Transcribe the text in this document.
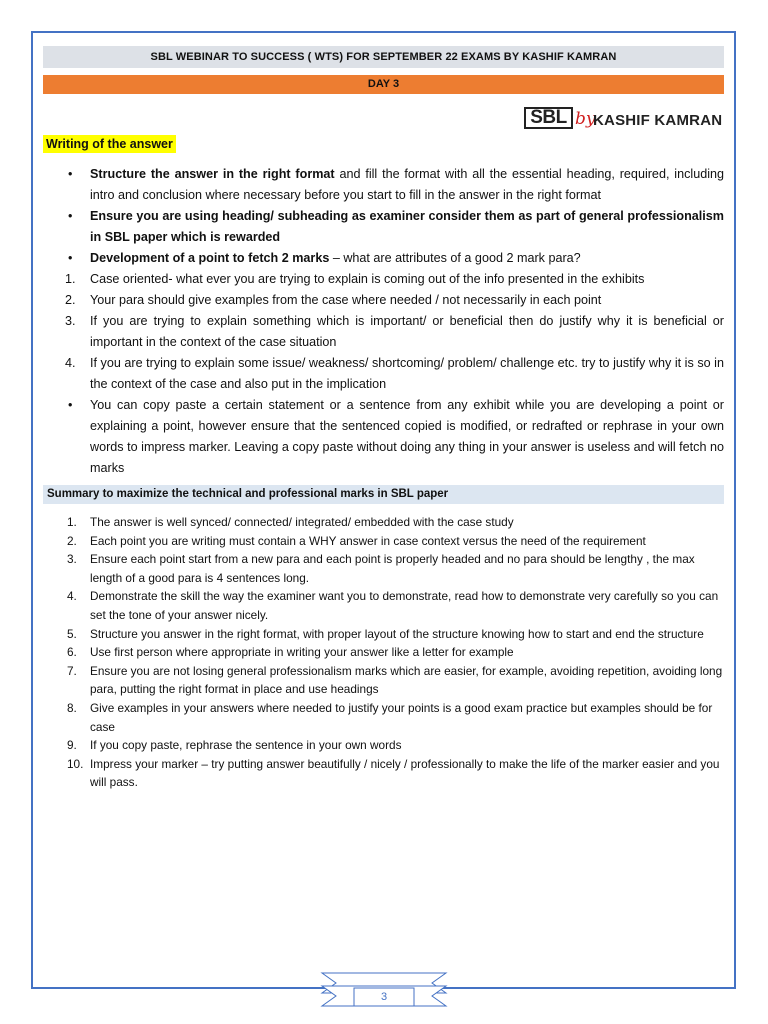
SBL WEBINAR TO SUCCESS ( WTS) FOR SEPTEMBER 22 EXAMS BY KASHIF KAMRAN
DAY 3
SBL by
KASHIF KAMRAN
Writing of the answer
• Structure the answer in the right format and fill the format with all the essential heading, required, including intro and conclusion where necessary before you start to fill in the answer in the right format
• Ensure you are using heading/ subheading as examiner consider them as part of general professionalism in SBL paper which is rewarded
• Development of a point to fetch 2 marks – what are attributes of a good 2 mark para?
1. Case oriented- what ever you are trying to explain is coming out of the info presented in the exhibits
2. Your para should give examples from the case where needed / not necessarily in each point
3. If you are trying to explain something which is important/ or beneficial then do justify why it is beneficial or important in the context of the case situation
4. If you are trying to explain some issue/ weakness/ shortcoming/ problem/ challenge etc. try to justify why it is so in the context of the case and also put in the implication
• You can copy paste a certain statement or a sentence from any exhibit while you are developing a point or explaining a point, however ensure that the sentenced copied is modified, or redrafted or rephrase in your own words to impress marker. Leaving a copy paste without doing any thing in your answer is useless and will fetch no marks
Summary to maximize the technical and professional marks in SBL paper
1. The answer is well synced/ connected/ integrated/ embedded with the case study
2. Each point you are writing must contain a WHY answer in case context versus the need of the requirement
3. Ensure each point start from a new para and each point is properly headed and no para should be lengthy , the max length of a good para is 4 sentences long.
4. Demonstrate the skill the way the examiner want you to demonstrate, read how to demonstrate very carefully so you can set the tone of your answer nicely.
5. Structure you answer in the right format, with proper layout of the structure knowing how to start and end the structure
6. Use first person where appropriate in writing your answer like a letter for example
7. Ensure you are not losing general professionalism marks which are easier, for example, avoiding repetition, avoiding long para, putting the right format in place and use headings
8. Give examples in your answers where needed to justify your points is a good exam practice but examples should be for case
9. If you copy paste, rephrase the sentence in your own words
10. Impress your marker – try putting answer beautifully / nicely / professionally to make the life of the marker easier and you will pass.
3
